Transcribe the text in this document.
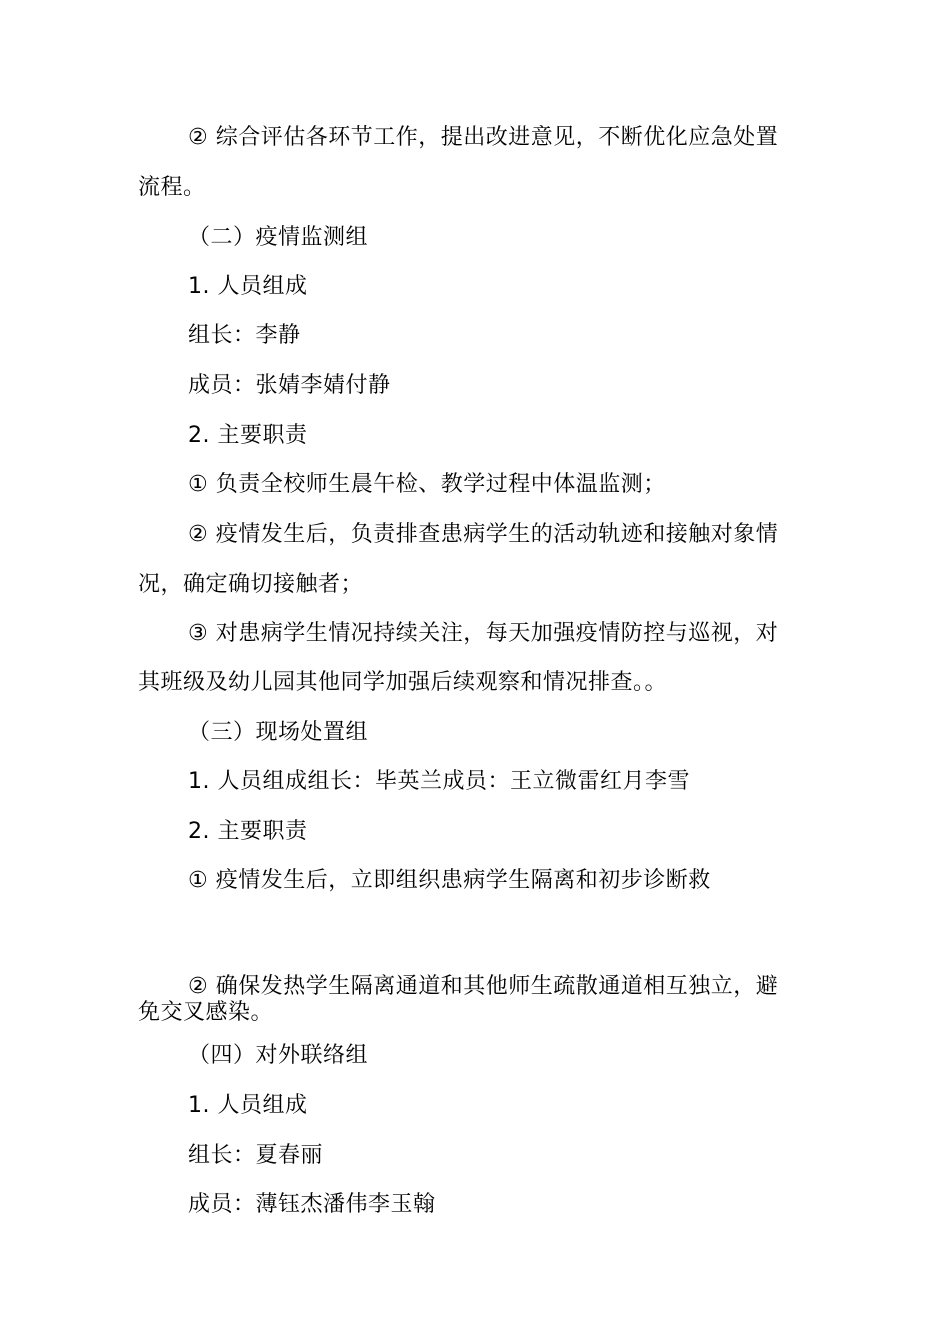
② 综合评估各环节工作，提出改进意见，不断优化应急处置
流程。
（二）疫情监测组
1. 人员组成
组长：李静
成员：张婧李婧付静
2. 主要职责
① 负责全校师生晨午检、教学过程中体温监测；
② 疫情发生后，负责排查患病学生的活动轨迹和接触对象情
况，确定确切接触者；
③ 对患病学生情况持续关注，每天加强疫情防控与巡视，对
其班级及幼儿园其他同学加强后续观察和情况排查。。
（三）现场处置组
1. 人员组成组长：毕英兰成员：王立微雷红月李雪
2. 主要职责
① 疫情发生后，立即组织患病学生隔离和初步诊断救
② 确保发热学生隔离通道和其他师生疏散通道相互独立，避
免交叉感染。
（四）对外联络组
1. 人员组成
组长：夏春丽
成员：薄钰杰潘伟李玉翰
